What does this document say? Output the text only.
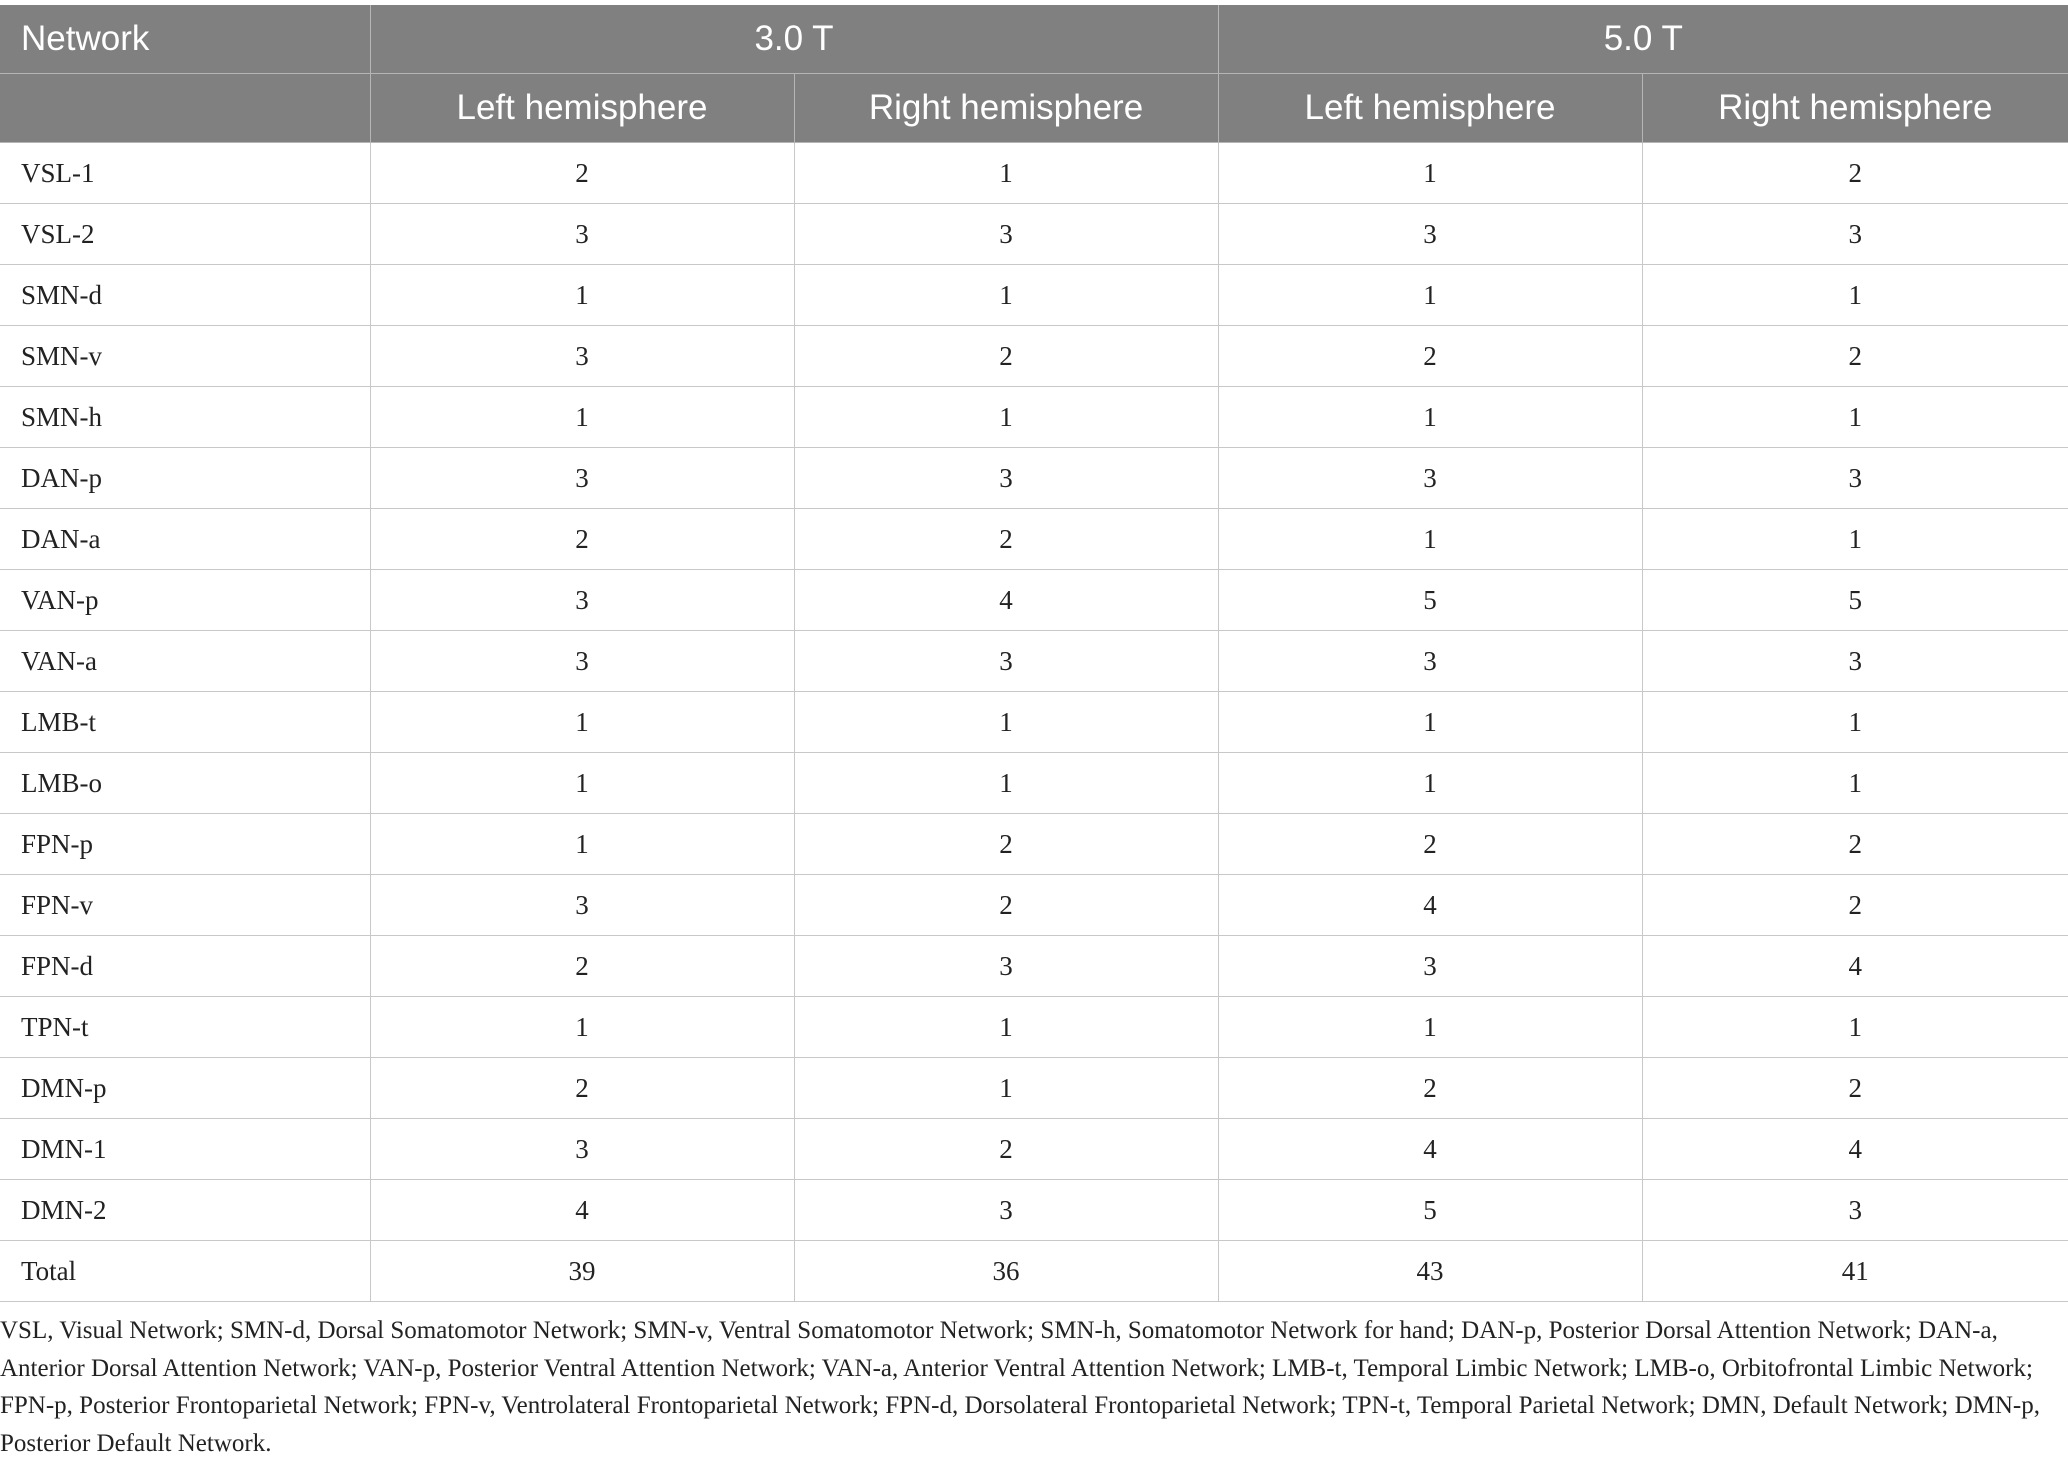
Network	3.0 T		5.0 T	
	Left hemisphere	Right hemisphere	Left hemisphere	Right hemisphere
VSL-1	2	1	1	2
VSL-2	3	3	3	3
SMN-d	1	1	1	1
SMN-v	3	2	2	2
SMN-h	1	1	1	1
DAN-p	3	3	3	3
DAN-a	2	2	1	1
VAN-p	3	4	5	5
VAN-a	3	3	3	3
LMB-t	1	1	1	1
LMB-o	1	1	1	1
FPN-p	1	2	2	2
FPN-v	3	2	4	2
FPN-d	2	3	3	4
TPN-t	1	1	1	1
DMN-p	2	1	2	2
DMN-1	3	2	4	4
DMN-2	4	3	5	3
Total	39	36	43	41

VSL, Visual Network; SMN-d, Dorsal Somatomotor Network; SMN-v, Ventral Somatomotor Network; SMN-h, Somatomotor Network for hand; DAN-p, Posterior Dorsal Attention Network; DAN-a, Anterior Dorsal Attention Network; VAN-p, Posterior Ventral Attention Network; VAN-a, Anterior Ventral Attention Network; LMB-t, Temporal Limbic Network; LMB-o, Orbitofrontal Limbic Network; FPN-p, Posterior Frontoparietal Network; FPN-v, Ventrolateral Frontoparietal Network; FPN-d, Dorsolateral Frontoparietal Network; TPN-t, Temporal Parietal Network; DMN, Default Network; DMN-p, Posterior Default Network.
